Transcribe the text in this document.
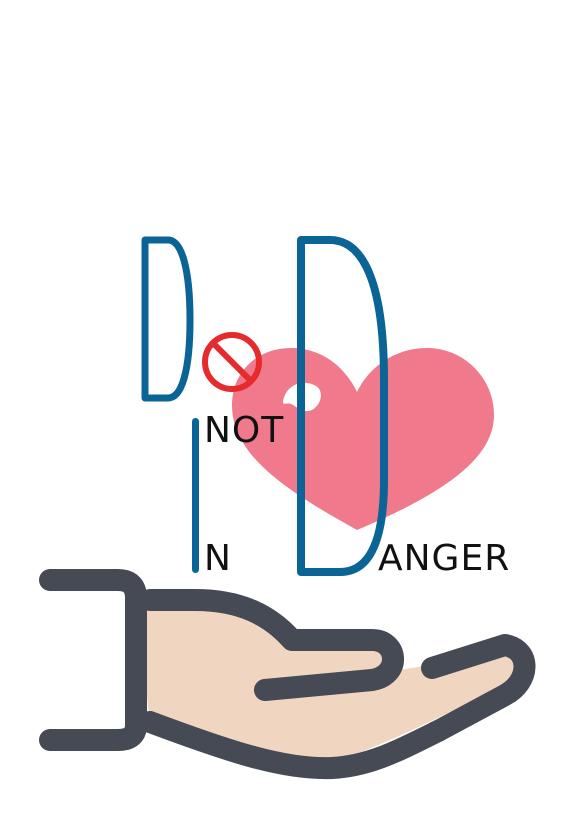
NOT
N	ANGER
